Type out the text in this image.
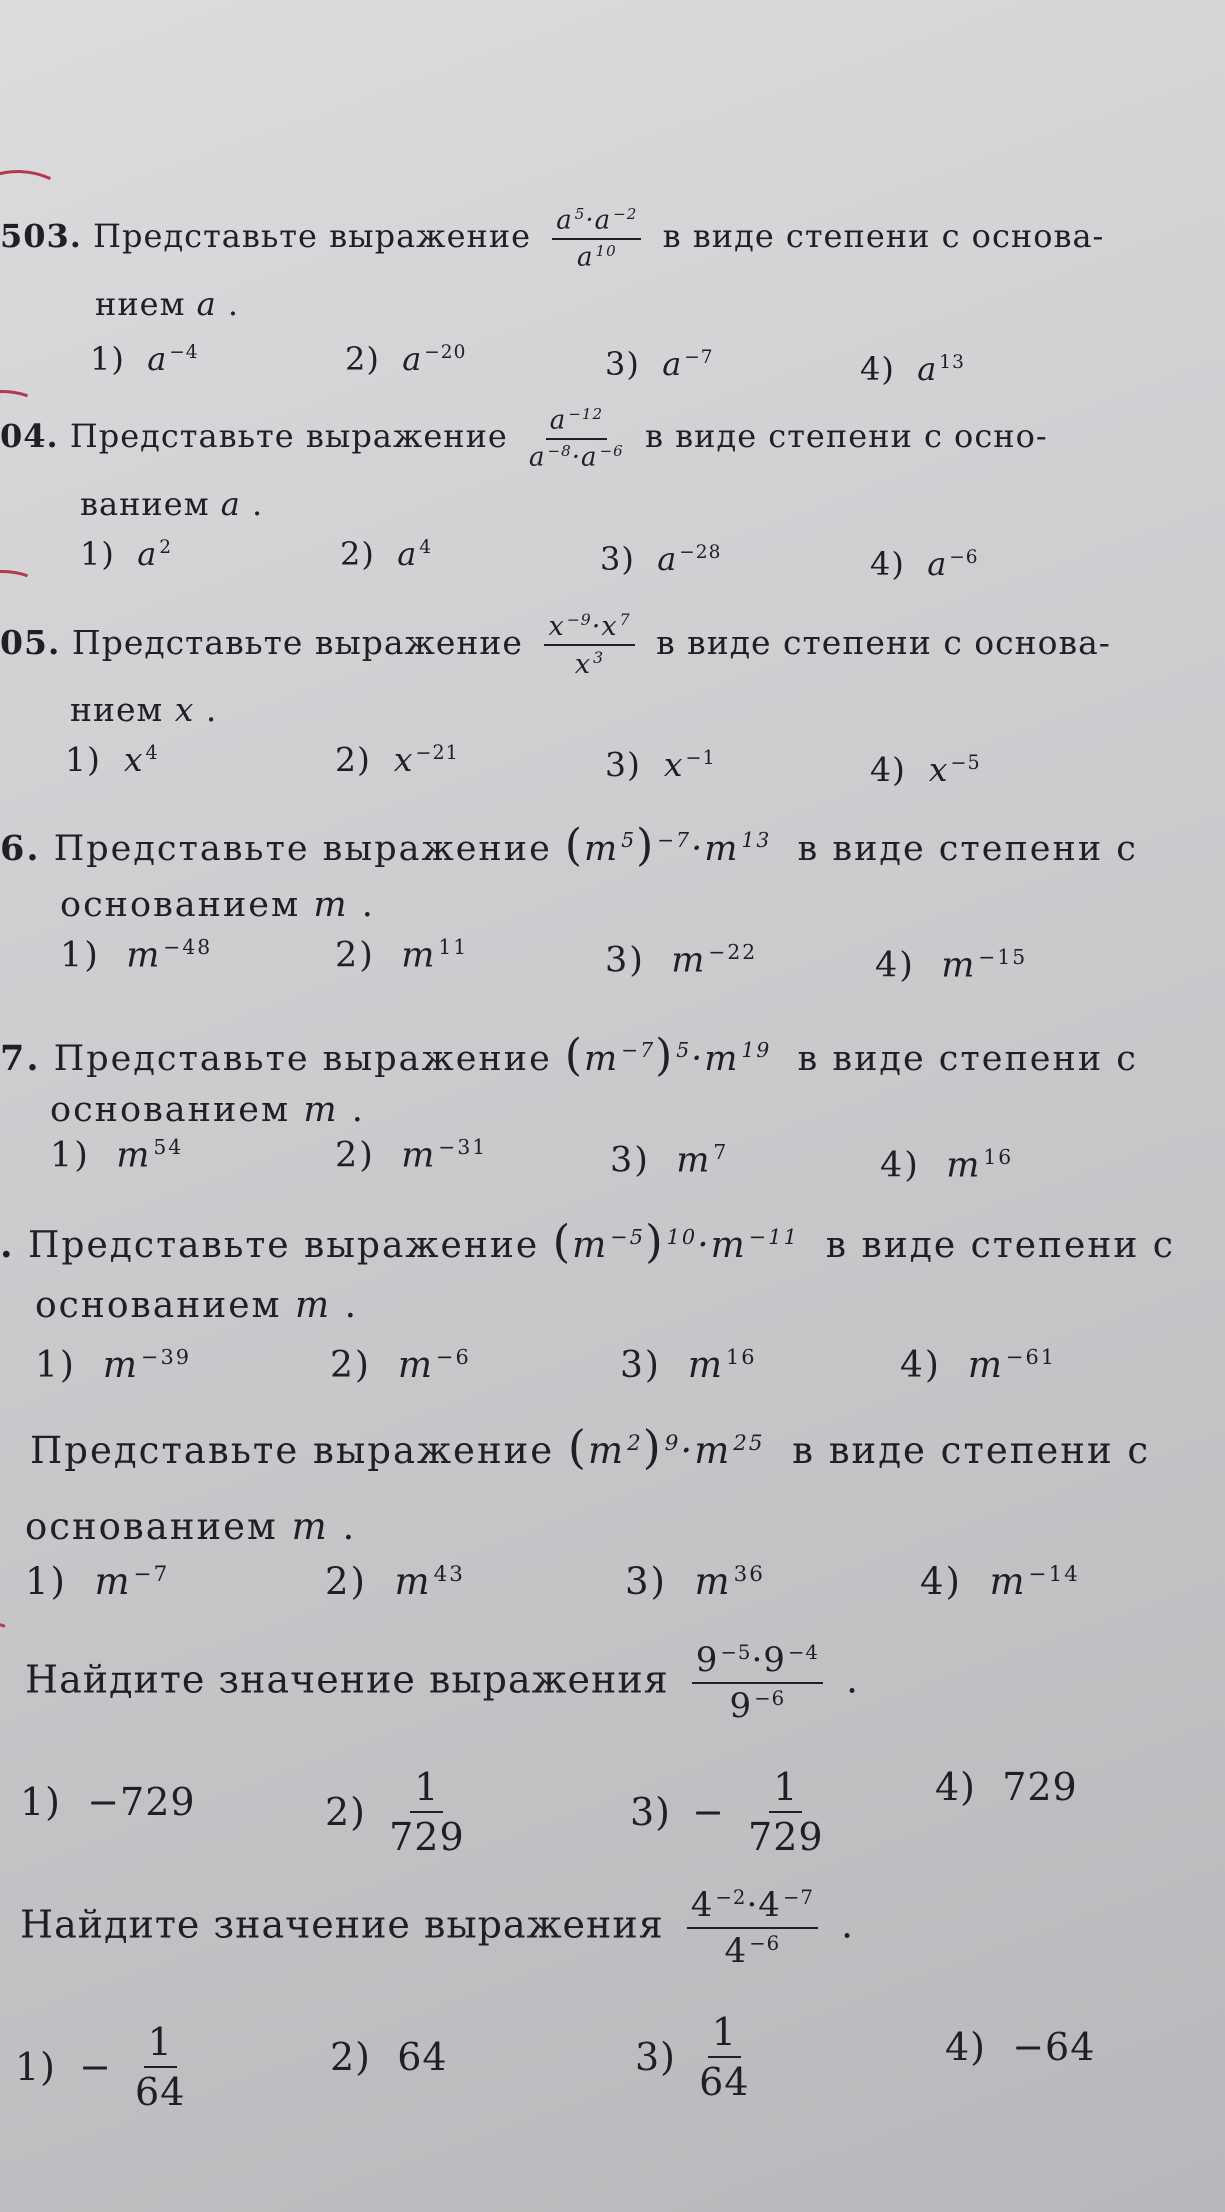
503. Представьте выражение $\frac{a ^5\cdot a ^{-2}}{a ^{10}}$ в виде степени с основа-
нием a .
1) a $^{-4}$	2) a $^{-20}$	3) a $^{-7}$	4) a $^{13}$
04. Представьте выражение $\frac{a ^{-12}}{a ^{-8}\cdot a ^{-6}}$ в виде степени с осно-
ванием a .
1) a $^2$	2) a $^4$	3) a $^{-28}$	4) a $^{-6}$
05. Представьте выражение $\frac{x ^{-9}\cdot x ^7}{x ^3}$ в виде степени с основа-
нием x .
1) x $^4$	2) x $^{-21}$	3) x $^{-1}$	4) x $^{-5}$
6. Представьте выражение $(m^5)^{-7}\cdot m^{13}$ в виде степени с
основанием m .
1) $m^{-48}$	2) $m^{11}$	3) $m^{-22}$	4) $m^{-15}$
7. Представьте выражение $(m^{-7})^5\cdot m^{19}$ в виде степени с
основанием m .
1) $m^{54}$	2) $m^{-31}$	3) $m^7$	4) $m^{16}$
. Представьте выражение $(m^{-5})^{10}\cdot m^{-11}$ в виде степени с
основанием m .
1) $m^{-39}$	2) $m^{-6}$	3) $m^{16}$	4) $m^{-61}$
Представьте выражение $(m^2)^9\cdot m^{25}$ в виде степени с
основанием m .
1) $m^{-7}$	2) $m^{43}$	3) $m^{36}$	4) $m^{-14}$
Найдите значение выражения $\frac{9 ^{-5}\cdot 9 ^{-4}}{9 ^{-6}}$ .
1) −729	$2) \frac{1}{729}$	$3) - \frac{1}{729}$	4) 729
Найдите значение выражения $\frac{4 ^{-2}\cdot 4 ^{-7}}{4 ^{-6}}$ .
$1) - \frac{1}{64}$	2) 64	$3) \frac{1}{64}$	4) −64
